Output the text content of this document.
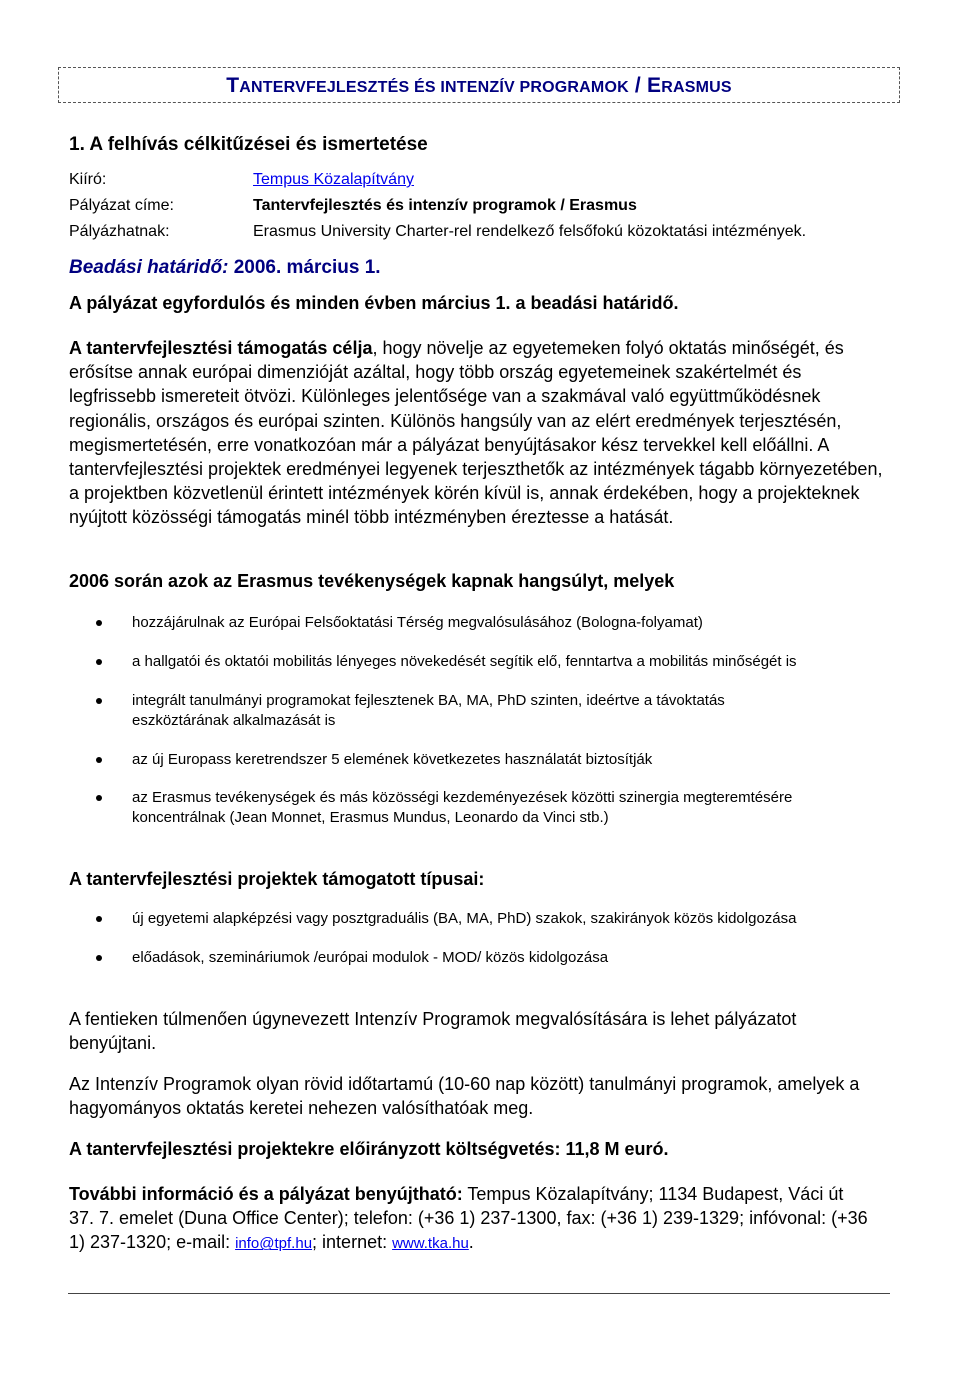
TANTERVFEJLESZTÉS ÉS INTENZÍV PROGRAMOK / ERASMUS
1. A felhívás célkitűzései és ismertetése
Kiíró:	Tempus Közalapítvány
Pályázat címe:	Tantervfejlesztés és intenzív programok / Erasmus
Pályázhatnak:	Erasmus University Charter-rel rendelkező felsőfokú közoktatási intézmények.
Beadási határidő: 2006. március 1.
A pályázat egyfordulós és minden évben március 1. a beadási határidő.
A tantervfejlesztési támogatás célja, hogy növelje az egyetemeken folyó oktatás minőségét, és erősítse annak európai dimenzióját azáltal, hogy több ország egyetemeinek szakértelmét és legfrissebb ismereteit ötvözi. Különleges jelentősége van a szakmával való együttműködésnek regionális, országos és európai szinten. Különös hangsúly van az elért eredmények terjesztésén, megismertetésén, erre vonatkozóan már a pályázat benyújtásakor kész tervekkel kell előállni. A tantervfejlesztési projektek eredményei legyenek terjeszthetők az intézmények tágabb környezetében, a projektben közvetlenül érintett intézmények körén kívül is, annak érdekében, hogy a projekteknek nyújtott közösségi támogatás minél több intézményben éreztesse a hatását.
2006 során azok az Erasmus tevékenységek kapnak hangsúlyt, melyek
hozzájárulnak az Európai Felsőoktatási Térség megvalósulásához (Bologna-folyamat)
a hallgatói és oktatói mobilitás lényeges növekedését segítik elő, fenntartva a mobilitás minőségét is
integrált tanulmányi programokat fejlesztenek BA, MA, PhD szinten, ideértve a távoktatás eszköztárának alkalmazását is
az új Europass keretrendszer 5 elemének következetes használatát biztosítják
az Erasmus tevékenységek és más közösségi kezdeményezések közötti szinergia megteremtésére koncentrálnak (Jean Monnet, Erasmus Mundus, Leonardo da Vinci stb.)
A tantervfejlesztési projektek támogatott típusai:
új egyetemi alapképzési vagy posztgraduális (BA, MA, PhD) szakok, szakirányok közös kidolgozása
előadások, szemináriumok /európai modulok - MOD/ közös kidolgozása
A fentieken túlmenően úgynevezett Intenzív Programok megvalósítására is lehet pályázatot benyújtani.
Az Intenzív Programok olyan rövid időtartamú (10-60 nap között) tanulmányi programok, amelyek a hagyományos oktatás keretei nehezen valósíthatóak meg.
A tantervfejlesztési projektekre előirányzott költségvetés: 11,8 M euró.
További információ és a pályázat benyújtható: Tempus Közalapítvány; 1134 Budapest, Váci út 37. 7. emelet (Duna Office Center); telefon: (+36 1) 237-1300, fax: (+36 1) 239-1329; infóvonal: (+36 1) 237-1320; e-mail: info@tpf.hu; internet: www.tka.hu.
